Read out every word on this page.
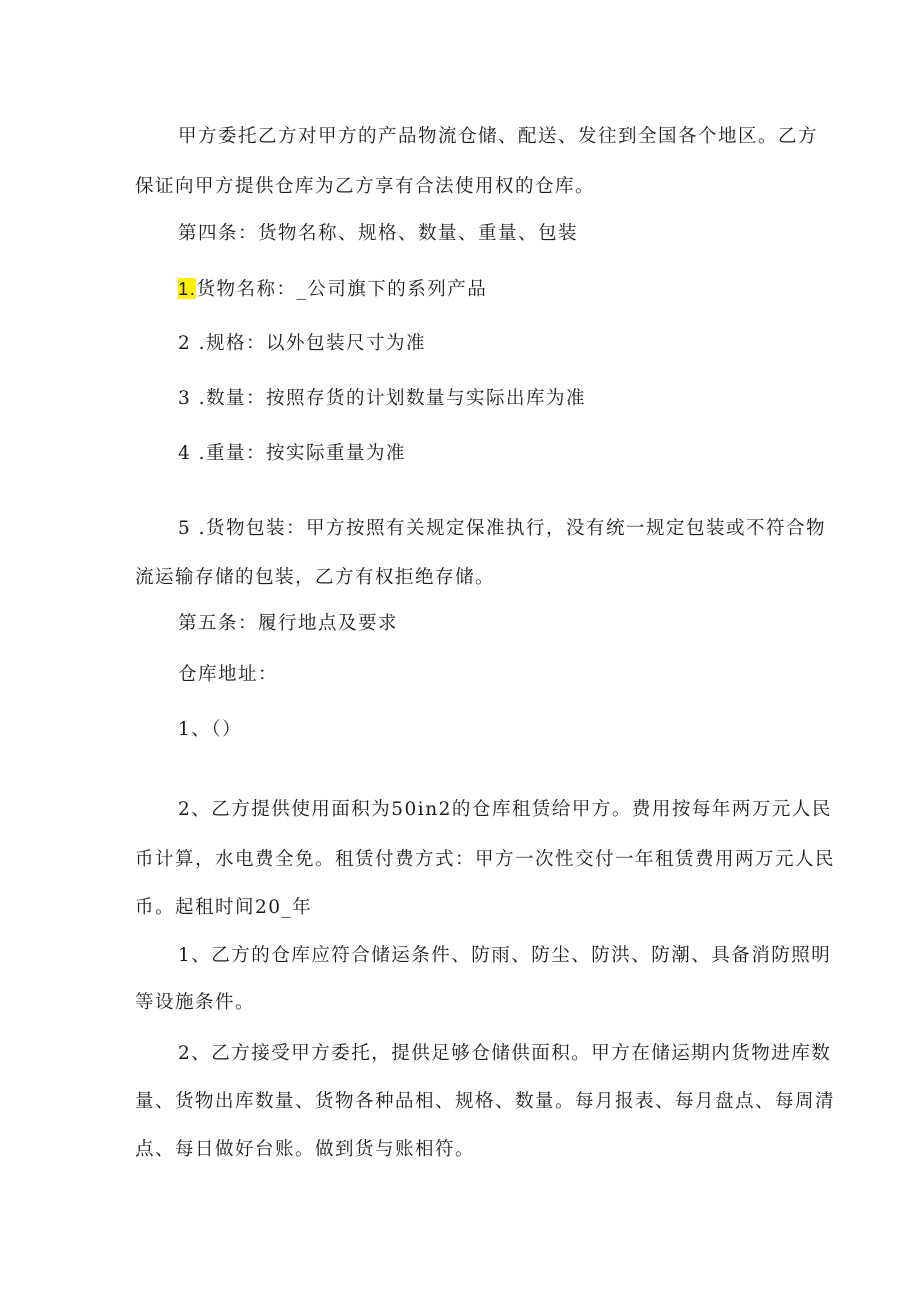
甲方委托乙方对甲方的产品物流仓储、配送、发往到全国各个地区。乙方

保证向甲方提供仓库为乙方享有合法使用权的仓库。

第四条：货物名称、规格、数量、重量、包装

1.货物名称：_公司旗下的系列产品

2 .规格：以外包装尺寸为准

3 .数量：按照存货的计划数量与实际出库为准

4 .重量：按实际重量为准

5 .货物包装：甲方按照有关规定保准执行，没有统一规定包装或不符合物

流运输存储的包装，乙方有权拒绝存储。

第五条：履行地点及要求

仓库地址：

1、（）

2、乙方提供使用面积为50in2的仓库租赁给甲方。费用按每年两万元人民

币计算，水电费全免。租赁付费方式：甲方一次性交付一年租赁费用两万元人民

币。起租时间20_年

1、乙方的仓库应符合储运条件、防雨、防尘、防洪、防潮、具备消防照明

等设施条件。

2、乙方接受甲方委托，提供足够仓储供面积。甲方在储运期内货物进库数

量、货物出库数量、货物各种品相、规格、数量。每月报表、每月盘点、每周清

点、每日做好台账。做到货与账相符。
